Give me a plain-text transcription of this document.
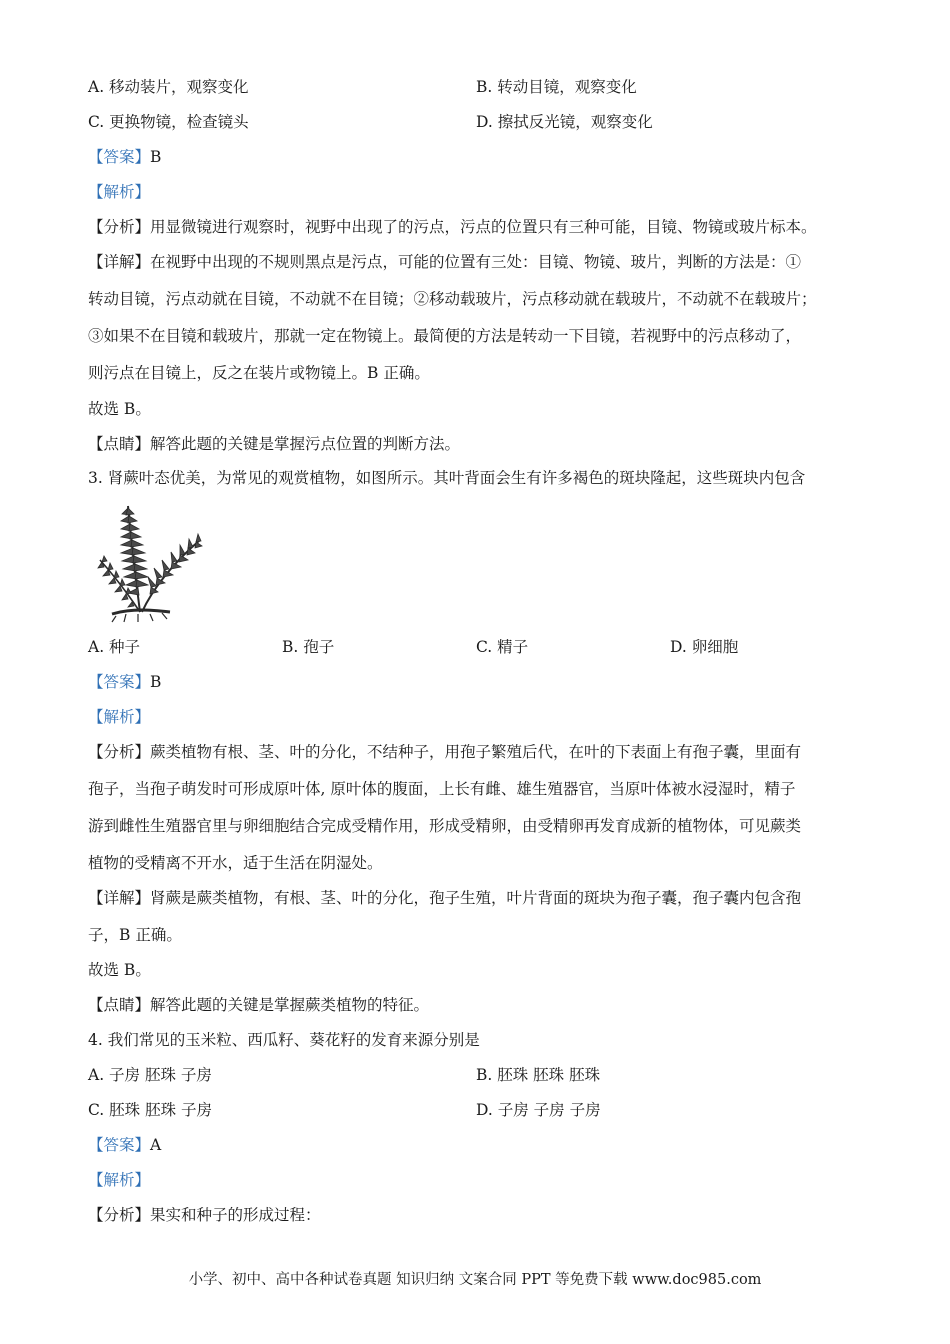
A. 移动装片，观察变化	B. 转动目镜，观察变化
C. 更换物镜，检查镜头	D. 擦拭反光镜，观察变化
【答案】B
【解析】
【分析】用显微镜进行观察时，视野中出现了的污点，污点的位置只有三种可能，目镜、物镜或玻片标本。
【详解】在视野中出现的不规则黑点是污点，可能的位置有三处：目镜、物镜、玻片，判断的方法是：①
转动目镜，污点动就在目镜，不动就不在目镜；②移动载玻片，污点移动就在载玻片，不动就不在载玻片；
③如果不在目镜和载玻片，那就一定在物镜上。最简便的方法是转动一下目镜，若视野中的污点移动了，
则污点在目镜上，反之在装片或物镜上。B 正确。
故选 B。
【点睛】解答此题的关键是掌握污点位置的判断方法。
3. 肾蕨叶态优美，为常见的观赏植物，如图所示。其叶背面会生有许多褐色的斑块隆起，这些斑块内包含
A. 种子	B. 孢子	C. 精子	D. 卵细胞
【答案】B
【解析】
【分析】蕨类植物有根、茎、叶的分化，不结种子，用孢子繁殖后代，在叶的下表面上有孢子囊，里面有
孢子，当孢子萌发时可形成原叶体, 原叶体的腹面，上长有雌、雄生殖器官，当原叶体被水浸湿时，精子
游到雌性生殖器官里与卵细胞结合完成受精作用，形成受精卵，由受精卵再发育成新的植物体，可见蕨类
植物的受精离不开水，适于生活在阴湿处。
【详解】肾蕨是蕨类植物，有根、茎、叶的分化，孢子生殖，叶片背面的斑块为孢子囊，孢子囊内包含孢
子，B 正确。
故选 B。
【点睛】解答此题的关键是掌握蕨类植物的特征。
4. 我们常见的玉米粒、西瓜籽、葵花籽的发育来源分别是
A. 子房 胚珠 子房	B. 胚珠 胚珠 胚珠
C. 胚珠 胚珠 子房	D. 子房 子房 子房
【答案】A
【解析】
【分析】果实和种子的形成过程：
小学、初中、高中各种试卷真题 知识归纳 文案合同 PPT 等免费下载 www.doc985.com
